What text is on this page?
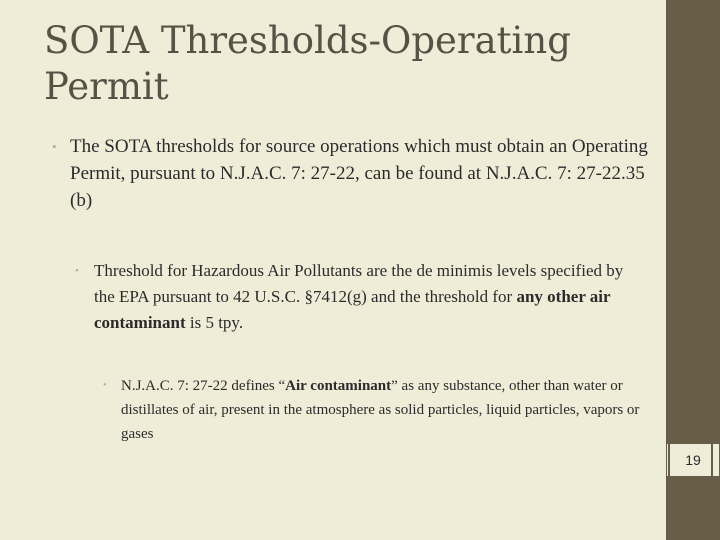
SOTA Thresholds-Operating Permit
• The SOTA thresholds for source operations which must obtain an Operating Permit, pursuant to N.J.A.C. 7: 27-22, can be found at N.J.A.C. 7: 27-22.35 (b)
• Threshold for Hazardous Air Pollutants are the de minimis levels specified by the EPA pursuant to 42 U.S.C. §7412(g) and the threshold for any other air contaminant is 5 tpy.
• N.J.A.C. 7: 27-22 defines “Air contaminant” as any substance, other than water or distillates of air, present in the atmosphere as solid particles, liquid particles, vapors or gases
19
